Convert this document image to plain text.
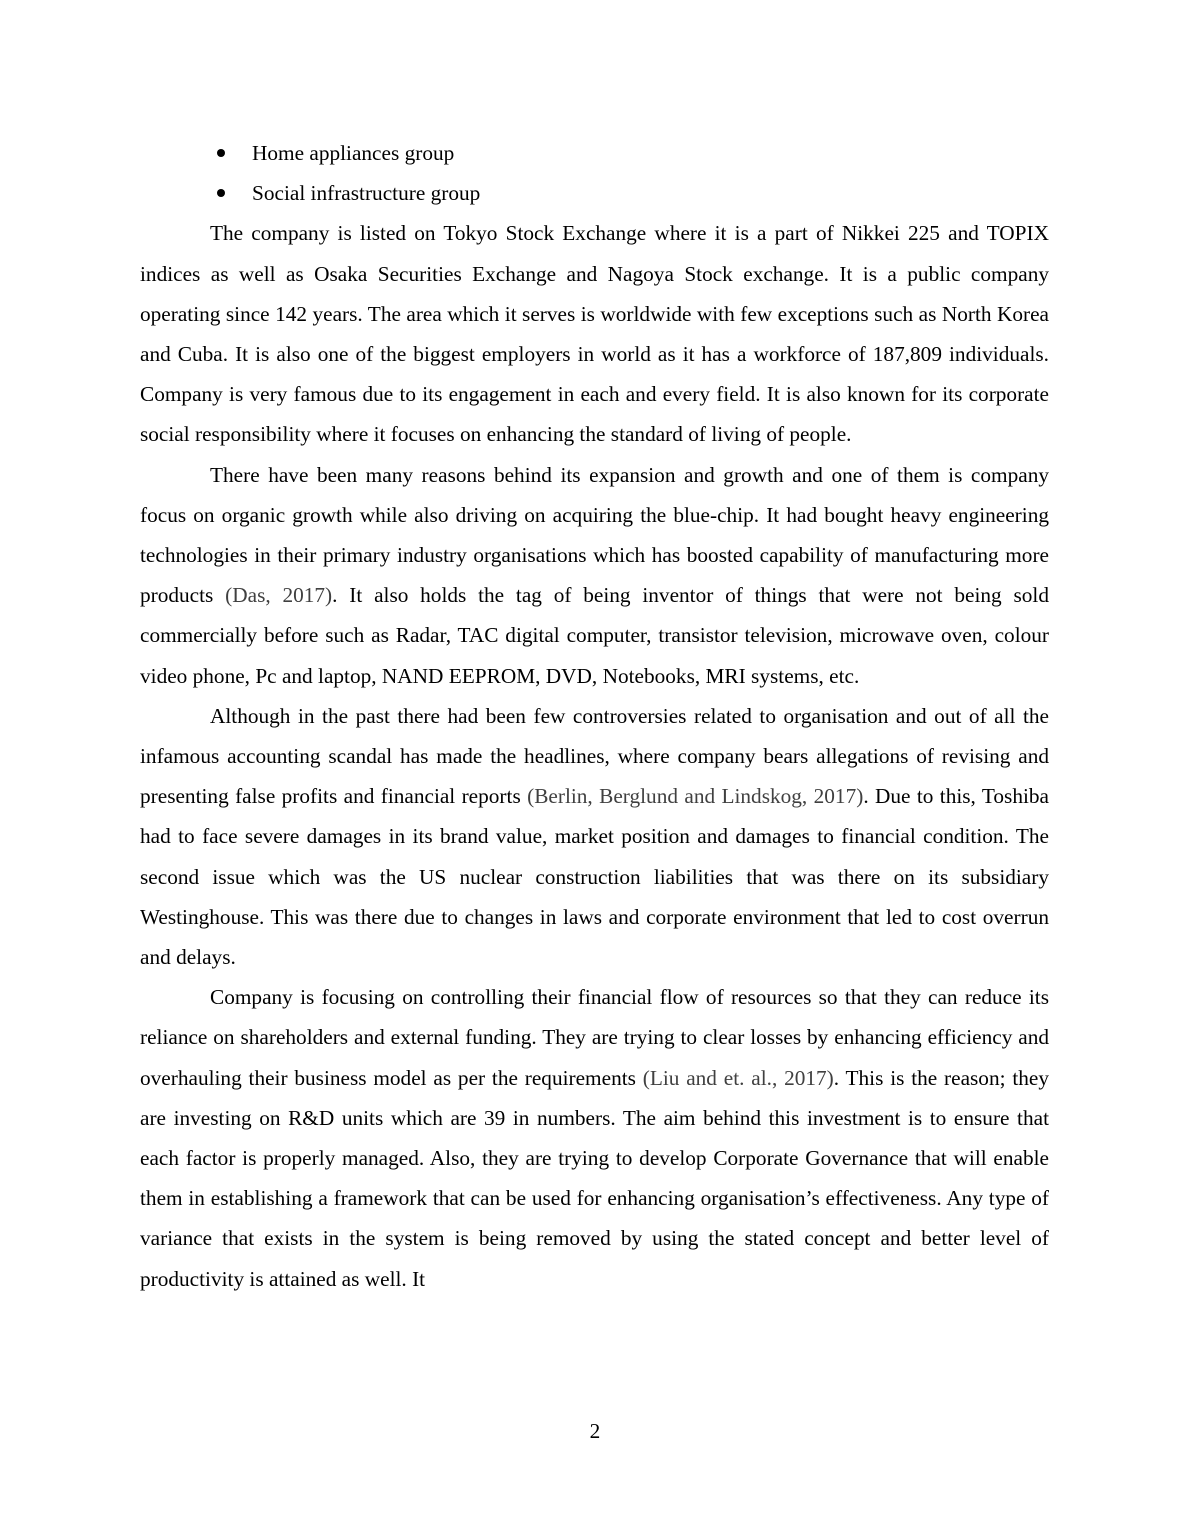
Home appliances group
Social infrastructure group

The company is listed on Tokyo Stock Exchange where it is a part of Nikkei 225 and TOPIX indices as well as Osaka Securities Exchange and Nagoya Stock exchange. It is a public company operating since 142 years. The area which it serves is worldwide with few exceptions such as North Korea and Cuba. It is also one of the biggest employers in world as it has a workforce of 187,809 individuals. Company is very famous due to its engagement in each and every field. It is also known for its corporate social responsibility where it focuses on enhancing the standard of living of people.

There have been many reasons behind its expansion and growth and one of them is company focus on organic growth while also driving on acquiring the blue-chip. It had bought heavy engineering technologies in their primary industry organisations which has boosted capability of manufacturing more products (Das, 2017). It also holds the tag of being inventor of things that were not being sold commercially before such as Radar, TAC digital computer, transistor television, microwave oven, colour video phone, Pc and laptop, NAND EEPROM, DVD, Notebooks, MRI systems, etc.

Although in the past there had been few controversies related to organisation and out of all the infamous accounting scandal has made the headlines, where company bears allegations of revising and presenting false profits and financial reports (Berlin, Berglund and Lindskog, 2017). Due to this, Toshiba had to face severe damages in its brand value, market position and damages to financial condition. The second issue which was the US nuclear construction liabilities that was there on its subsidiary Westinghouse. This was there due to changes in laws and corporate environment that led to cost overrun and delays.

Company is focusing on controlling their financial flow of resources so that they can reduce its reliance on shareholders and external funding. They are trying to clear losses by enhancing efficiency and overhauling their business model as per the requirements (Liu and et. al., 2017). This is the reason; they are investing on R&D units which are 39 in numbers. The aim behind this investment is to ensure that each factor is properly managed. Also, they are trying to develop Corporate Governance that will enable them in establishing a framework that can be used for enhancing organisation’s effectiveness. Any type of variance that exists in the system is being removed by using the stated concept and better level of productivity is attained as well. It

2
